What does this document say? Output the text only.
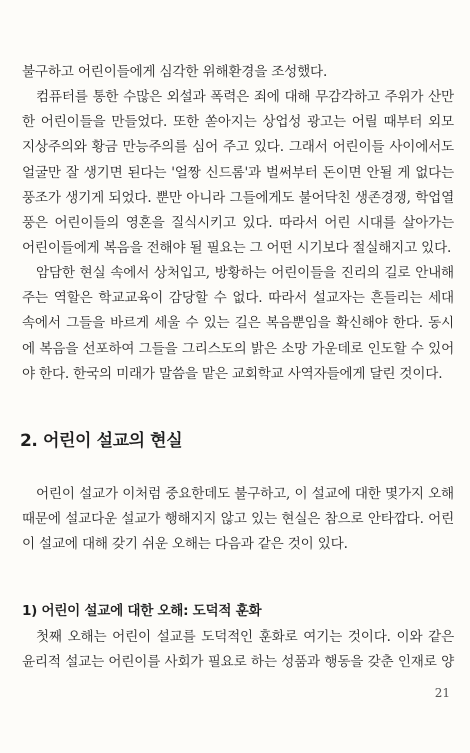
불구하고 어린이들에게 심각한 위해환경을 조성했다.
컴퓨터를 통한 수많은 외설과 폭력은 죄에 대해 무감각하고 주위가 산만
한 어린이들을 만들었다. 또한 쏟아지는 상업성 광고는 어릴 때부터 외모
지상주의와 황금 만능주의를 심어 주고 있다. 그래서 어린이들 사이에서도
얼굴만 잘 생기면 된다는 '얼짱 신드롬'과 벌써부터 돈이면 안될 게 없다는
풍조가 생기게 되었다. 뿐만 아니라 그들에게도 불어닥친 생존경쟁, 학업열
풍은 어린이들의 영혼을 질식시키고 있다. 따라서 어린 시대를 살아가는
어린이들에게 복음을 전해야 될 필요는 그 어떤 시기보다 절실해지고 있다.
암담한 현실 속에서 상처입고, 방황하는 어린이들을 진리의 길로 안내해
주는 역할은 학교교육이 감당할 수 없다. 따라서 설교자는 흔들리는 세대
속에서 그들을 바르게 세울 수 있는 길은 복음뿐임을 확신해야 한다. 동시
에 복음을 선포하여 그들을 그리스도의 밝은 소망 가운데로 인도할 수 있어
야 한다. 한국의 미래가 말씀을 맡은 교회학교 사역자들에게 달린 것이다.
2. 어린이 설교의 현실
어린이 설교가 이처럼 중요한데도 불구하고, 이 설교에 대한 몇가지 오해
때문에 설교다운 설교가 행해지지 않고 있는 현실은 참으로 안타깝다. 어린
이 설교에 대해 갖기 쉬운 오해는 다음과 같은 것이 있다.
1) 어린이 설교에 대한 오해: 도덕적 훈화
첫째 오해는 어린이 설교를 도덕적인 훈화로 여기는 것이다. 이와 같은
윤리적 설교는 어린이를 사회가 필요로 하는 성품과 행동을 갖춘 인재로 양
21
